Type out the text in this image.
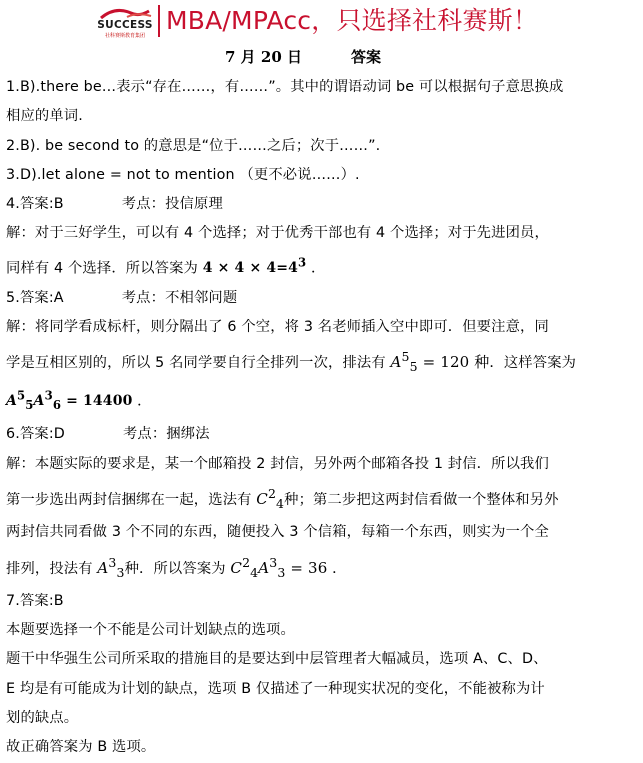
SUCCESS
社科赛斯教育集团
MBA/MPAcc，只选择社科赛斯！
7 月 20 日	答案

1.B).there be…表示“存在……，有……”。其中的谓语动词 be 可以根据句子意思换成

相应的单词.

2.B). be second to 的意思是“位于……之后；次于……”.

3.D).let alone = not to mention （更不必说……）.

4.答案:B	考点：投信原理

解：对于三好学生，可以有 4 个选择；对于优秀干部也有 4 个选择；对于先进团员，

同样有 4 个选择．所以答案为 $4 \times 4 \times 4=4^3$ ．

5.答案:A	考点：不相邻问题

解：将同学看成标杆，则分隔出了 6 个空，将 3 名老师插入空中即可．但要注意，同

学是互相区别的，所以 5 名同学要自行全排列一次，排法有 $A^5_5 = 120$ 种．这样答案为

$A^5_5A^3_6 = 14400$ ．

6.答案:D	考点：捆绑法

解：本题实际的要求是，某一个邮箱投 2 封信，另外两个邮箱各投 1 封信．所以我们

第一步选出两封信捆绑在一起，选法有 $C^2_4$种；第二步把这两封信看做一个整体和另外

两封信共同看做 3 个不同的东西，随便投入 3 个信箱，每箱一个东西，则实为一个全

排列，投法有 $A^3_3$种．所以答案为 $C^2_4A^3_3 = 36$ ．

7.答案:B

本题要选择一个不能是公司计划缺点的选项。

题干中华强生公司所采取的措施目的是要达到中层管理者大幅减员，选项 A、C、D、

E 均是有可能成为计划的缺点，选项 B 仅描述了一种现实状况的变化，不能被称为计

划的缺点。

故正确答案为 B 选项。
